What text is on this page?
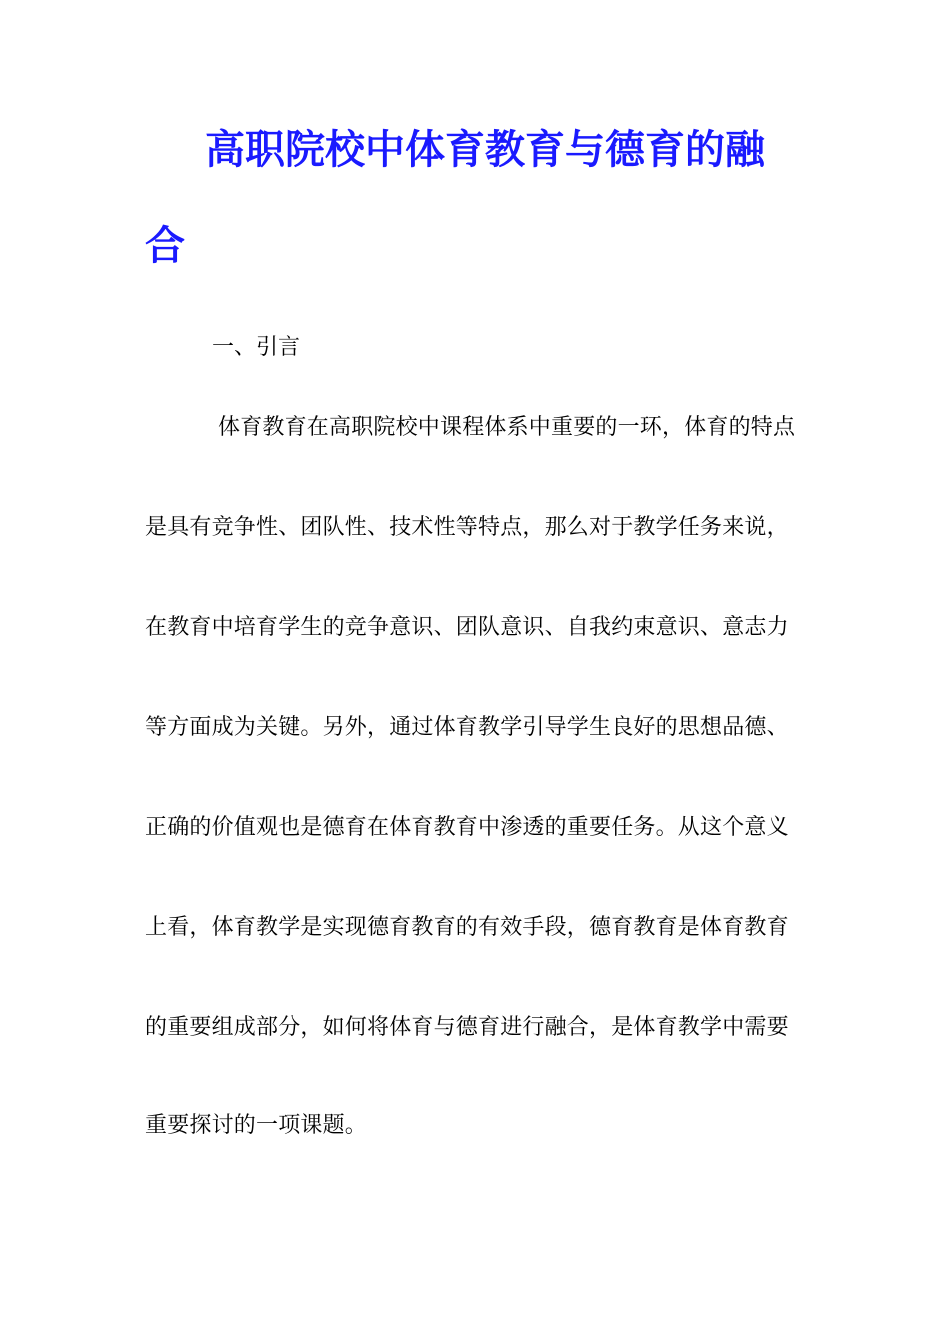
高职院校中体育教育与德育的融
合
一、引言
体育教育在高职院校中课程体系中重要的一环，体育的特点
是具有竞争性、团队性、技术性等特点，那么对于教学任务来说，
在教育中培育学生的竞争意识、团队意识、自我约束意识、意志力
等方面成为关键。另外，通过体育教学引导学生良好的思想品德、
正确的价值观也是德育在体育教育中渗透的重要任务。从这个意义
上看，体育教学是实现德育教育的有效手段，德育教育是体育教育
的重要组成部分，如何将体育与德育进行融合，是体育教学中需要
重要探讨的一项课题。
